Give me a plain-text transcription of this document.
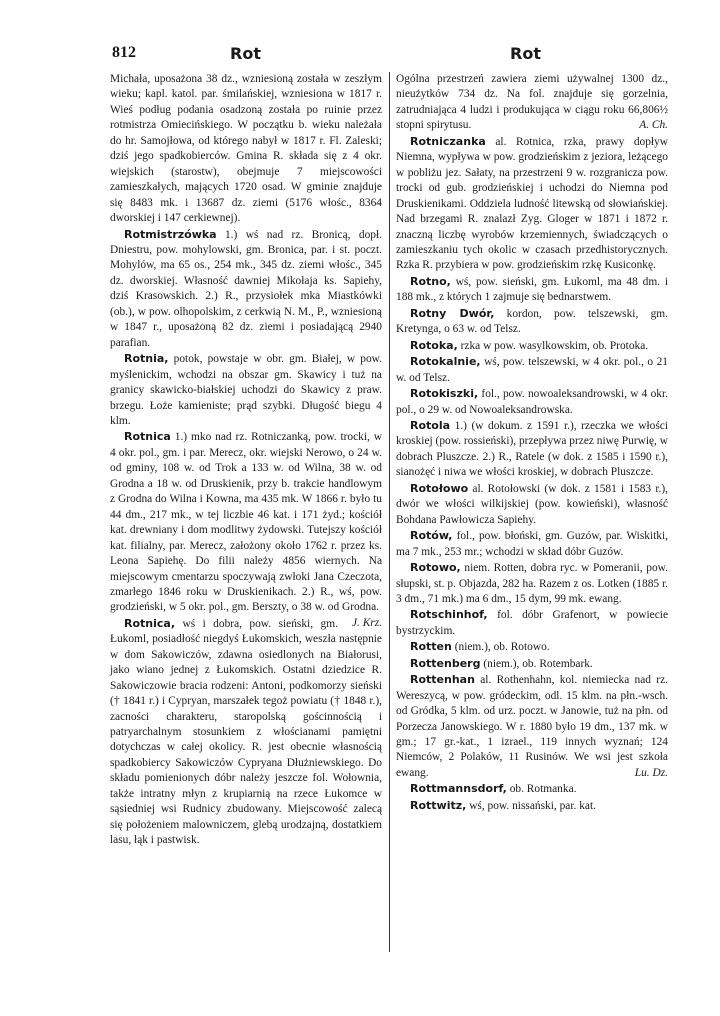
812	Rot	Rot

Michała, uposażona 38 dz., wzniesioną została w zeszłym wieku; kapl. katol. par. śmilańskiej, wzniesiona w 1817 r. Wieś podług podania osadzoną została po ruinie przez rotmistrza Omiecińskiego. W początku b. wieku należała do hr. Samojłowa, od którego nabył w 1817 r. Fl. Zaleski; dziś jego spadkobierców. Gmina R. składa się z 4 okr. wiejskich (starostw), obejmuje 7 miejscowości zamieszkałych, mających 1720 osad. W gminie znajduje się 8483 mk. i 13687 dz. ziemi (5176 włośc., 8364 dworskiej i 147 cerkiewnej).

Rotmistrzówka 1.) wś nad rz. Bronicą, dopł. Dniestru, pow. mohylowski, gm. Bronica, par. i st. poczt. Mohylów, ma 65 os., 254 mk., 345 dz. ziemi włośc., 345 dz. dworskiej. Własność dawniej Mikołaja ks. Sapiehy, dziś Krasowskich. 2.) R., przysiołek mka Miastkówki (ob.), w pow. olhopolskim, z cerkwią N. M., P., wzniesioną w 1847 r., uposażoną 82 dz. ziemi i posiadającą 2940 parafian.

Rotnia, potok, powstaje w obr. gm. Białej, w pow. myślenickim, wchodzi na obszar gm. Skawicy i tuż na granicy skawicko-białskiej uchodzi do Skawicy z praw. brzegu. Łoże kamieniste; prąd szybki. Długość biegu 4 klm.

Rotnica 1.) mko nad rz. Rotniczanką, pow. trocki, w 4 okr. pol., gm. i par. Merecz, okr. wiejski Nerowo, o 24 w. od gminy, 108 w. od Trok a 133 w. od Wilna, 38 w. od Grodna a 18 w. od Druskienik, przy b. trakcie handlowym z Grodna do Wilna i Kowna, ma 435 mk. W 1866 r. było tu 44 dm., 217 mk., w tej liczbie 46 kat. i 171 żyd.; kościół kat. drewniany i dom modlitwy żydowski. Tutejszy kościół kat. filialny, par. Merecz, założony około 1762 r. przez ks. Leona Sapiehę. Do filii należy 4856 wiernych. Na miejscowym cmentarzu spoczywają zwłoki Jana Czeczota, zmarłego 1846 roku w Druskienikach. 2.) R., wś, pow. grodzieński, w 5 okr. pol., gm. Berszty, o 38 w. od Grodna.
J. Krz.

Rotnica, wś i dobra, pow. sieński, gm. Łukoml, posiadłość niegdyś Łukomskich, weszła następnie w dom Sakowiczów, zdawna osiedlonych na Białorusi, jako wiano jednej z Łukomskich. Ostatni dziedzice R. Sakowiczowie bracia rodzeni: Antoni, podkomorzy sieński († 1841 r.) i Cypryan, marszałek tegoż powiatu († 1848 r.), zacności charakteru, staropolską gościnnością i patryarchalnym stosunkiem z włościanami pamiętni dotychczas w całej okolicy. R. jest obecnie własnością spadkobiercy Sakowiczów Cypryana Dłużniewskiego. Do składu pomienionych dóbr należy jeszcze fol. Wołownia, także intratny młyn z krupiarnią na rzece Łukomce w sąsiedniej wsi Rudnicy zbudowany. Miejscowość zalecą się położeniem malowniczem, glebą urodzajną, dostatkiem lasu, łąk i pastwisk.

Ogólna przestrzeń zawiera ziemi używalnej 1300 dz., nieużytków 734 dz. Na fol. znajduje się gorzelnia, zatrudniająca 4 ludzi i produkująca w ciągu roku 66,806½ stopni spirytusu.	A. Ch.

Rotniczanka al. Rotnica, rzka, prawy dopływ Niemna, wypływa w pow. grodzieńskim z jeziora, leżącego w pobliżu jez. Sałaty, na przestrzeni 9 w. rozgranicza pow. trocki od gub. grodzieńskiej i uchodzi do Niemna pod Druskienikami. Oddziela ludność litewską od słowiańskiej. Nad brzegami R. znalazł Zyg. Gloger w 1871 i 1872 r. znaczną liczbę wyrobów krzemiennych, świadczących o zamieszkaniu tych okolic w czasach przedhistorycznych. Rzka R. przybiera w pow. grodzieńskim rzkę Kusiconkę.

Rotno, wś, pow. sieński, gm. Łukoml, ma 48 dm. i 188 mk., z których 1 zajmuje się bednarstwem.

Rotny Dwór, kordon, pow. telszewski, gm. Kretynga, o 63 w. od Telsz.

Rotoka, rzka w pow. wasylkowskim, ob. Protoka.

Rotokalnie, wś, pow. telszewski, w 4 okr. pol., o 21 w. od Telsz.

Rotokiszki, fol., pow. nowoaleksandrowski, w 4 okr. pol., o 29 w. od Nowoaleksandrowska.

Rotola 1.) (w dokum. z 1591 r.), rzeczka we włości kroskiej (pow. rossieński), przepływa przez niwę Purwię, w dobrach Pluszcze. 2.) R., Ratele (w dok. z 1585 i 1590 r.), sianożęć i niwa we włości kroskiej, w dobrach Pluszcze.

Rotołowo al. Rotołowski (w dok. z 1581 i 1583 r.), dwór we włości wilkijskiej (pow. kowieński), własność Bohdana Pawłowicza Sapiehy.

Rotów, fol., pow. błoński, gm. Guzów, par. Wiskitki, ma 7 mk., 253 mr.; wchodzi w skład dóbr Guzów.

Rotowo, niem. Rotten, dobra ryc. w Pomeranii, pow. słupski, st. p. Objazda, 282 ha. Razem z os. Lotken (1885 r. 3 dm., 71 mk.) ma 6 dm., 15 dym, 99 mk. ewang.

Rotschinhof, fol. dóbr Grafenort, w powiecie bystrzyckim.

Rotten (niem.), ob. Rotowo.

Rottenberg (niem.), ob. Rotembark.

Rottenhan al. Rothenhahn, kol. niemiecka nad rz. Wereszycą, w pow. gródeckim, odl. 15 klm. na płn.-wsch. od Gródka, 5 klm. od urz. poczt. w Janowie, tuż na płn. od Porzecza Janowskiego. W r. 1880 było 19 dm., 137 mk. w gm.; 17 gr.-kat., 1 izrael., 119 innych wyznań; 124 Niemców, 2 Polaków, 11 Rusinów. We wsi jest szkoła ewang.	Lu. Dz.

Rottmannsdorf, ob. Rotmanka.

Rottwitz, wś, pow. nissański, par. kat.
